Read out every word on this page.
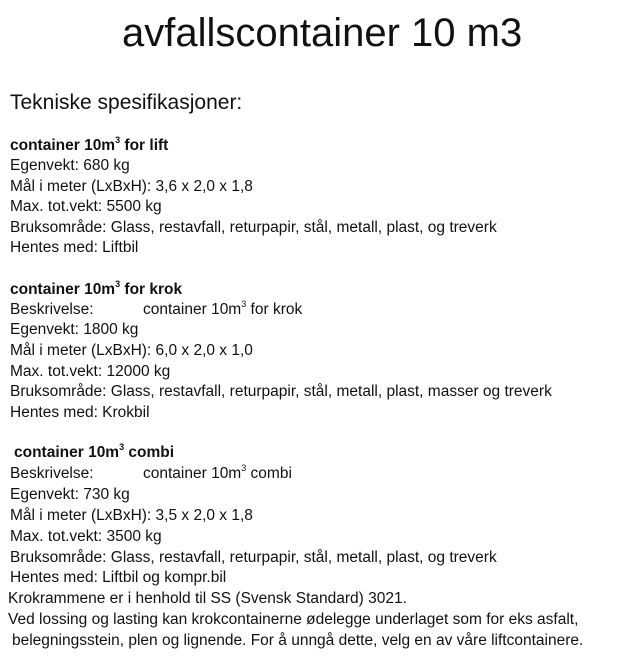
avfallscontainer 10 m3
Tekniske spesifikasjoner:
container $10m^3$ for lift
Egenvekt: 680 kg
Mål i meter (LxBxH): 3,6 x 2,0 x 1,8
Max. tot.vekt: 5500 kg
Bruksområde: Glass, restavfall, returpapir, stål, metall, plast, og treverk
Hentes med: Liftbil
container $10m^3$ for krok
Beskrivelse:	container $10m^3$ for krok
Egenvekt: 1800 kg
Mål i meter (LxBxH): 6,0 x 2,0 x 1,0
Max. tot.vekt: 12000 kg
Bruksområde: Glass, restavfall, returpapir, stål, metall, plast, masser og treverk
Hentes med: Krokbil
container $10m^3$ combi
Beskrivelse:	container $10m^3$ combi
Egenvekt: 730 kg
Mål i meter (LxBxH): 3,5 x 2,0 x 1,8
Max. tot.vekt: 3500 kg
Bruksområde: Glass, restavfall, returpapir, stål, metall, plast, og treverk
Hentes med: Liftbil og kompr.bil
Krokrammene er i henhold til SS (Svensk Standard) 3021.
Ved lossing og lasting kan krokcontainerne ødelegge underlaget som for eks asfalt,
belegningsstein, plen og lignende. For å unngå dette, velg en av våre liftcontainere.
